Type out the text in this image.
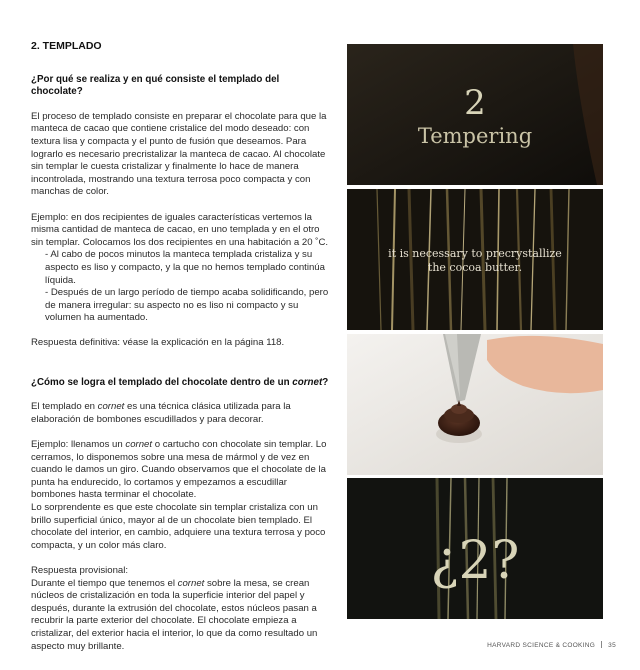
2. TEMPLADO
¿Por qué se realiza y en qué consiste el templado del chocolate?

El proceso de templado consiste en preparar el chocolate para que la manteca de cacao que contiene cristalice del modo deseado: con textura lisa y compacta y el punto de fusión que deseamos. Para lograrlo es necesario precristalizar la manteca de cacao. Al chocolate sin templar le cuesta cristalizar y finalmente lo hace de manera incontrolada, mostrando una textura terrosa poco compacta y con manchas de color.

Ejemplo: en dos recipientes de iguales características vertemos la misma cantidad de manteca de cacao, en uno templada y en el otro sin templar. Colocamos los dos recipientes en una habitación a 20 ˚C.

- Al cabo de pocos minutos la manteca templada cristaliza y su aspecto es liso y compacto, y la que no hemos templado continúa líquida.

- Después de un largo período de tiempo acaba solidificando, pero de manera irregular: su aspecto no es liso ni compacto y su volumen ha aumentado.

Respuesta definitiva: véase la explicación en la página 118.

¿Cómo se logra el templado del chocolate dentro de un cornet?

El templado en cornet es una técnica clásica utilizada para la elaboración de bombones escudillados y para decorar.

Ejemplo: llenamos un cornet o cartucho con chocolate sin templar. Lo cerramos, lo disponemos sobre una mesa de mármol y de vez en cuando le damos un giro. Cuando observamos que el chocolate de la punta ha endurecido, lo cortamos y empezamos a escudillar bombones hasta terminar el chocolate.

Lo sorprendente es que este chocolate sin templar cristaliza con un brillo superficial único, mayor al de un chocolate bien templado. El chocolate del interior, en cambio, adquiere una textura terrosa y poco compacta, y un color más claro.

Respuesta provisional:

Durante el tiempo que tenemos el cornet sobre la mesa, se crean núcleos de cristalización en toda la superficie interior del papel y después, durante la extrusión del chocolate, estos núcleos pasan a recubrir la parte exterior del chocolate. El chocolate empieza a cristalizar, del exterior hacia el interior, lo que da como resultado un aspecto muy brillante.

2
Tempering
it is necessary to precrystallize
the cocoa butter.
¿2?
HARVARD SCIENCE & COOKING 35
